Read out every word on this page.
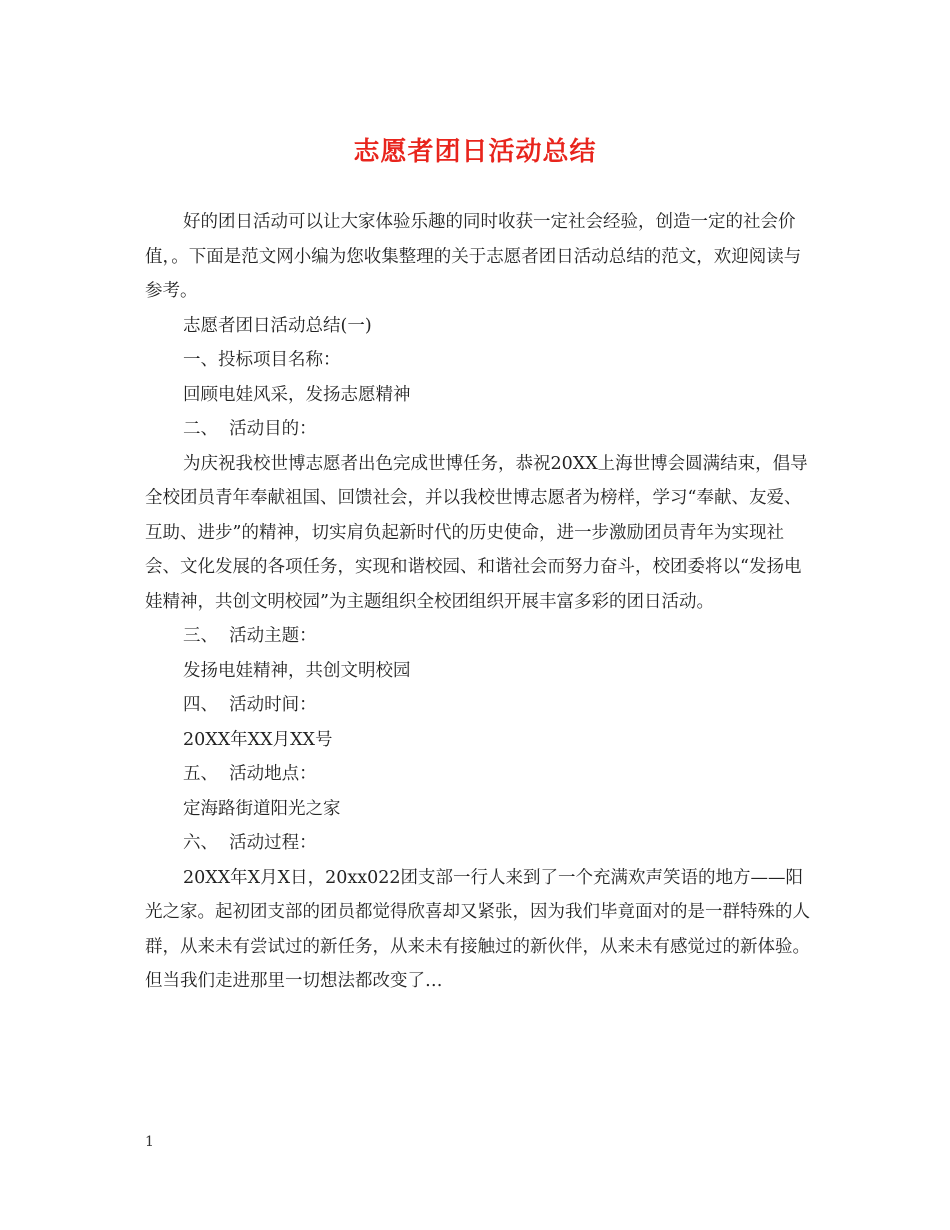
志愿者团日活动总结

好的团日活动可以让大家体验乐趣的同时收获一定社会经验，创造一定的社会价值，。下面是范文网小编为您收集整理的关于志愿者团日活动总结的范文，欢迎阅读与参考。

志愿者团日活动总结(一)

一、投标项目名称：

回顾电娃风采，发扬志愿精神

二、  活动目的：

为庆祝我校世博志愿者出色完成世博任务，恭祝20XX上海世博会圆满结束，倡导全校团员青年奉献祖国、回馈社会，并以我校世博志愿者为榜样，学习“奉献、友爱、互助、进步”的精神，切实肩负起新时代的历史使命，进一步激励团员青年为实现社会、文化发展的各项任务，实现和谐校园、和谐社会而努力奋斗，校团委将以“发扬电娃精神，共创文明校园”为主题组织全校团组织开展丰富多彩的团日活动。

三、  活动主题：

发扬电娃精神，共创文明校园

四、  活动时间：

20XX年XX月XX号

五、  活动地点：

定海路街道阳光之家

六、  活动过程：

20XX年X月X日，20xx022团支部一行人来到了一个充满欢声笑语的地方——阳光之家。起初团支部的团员都觉得欣喜却又紧张，因为我们毕竟面对的是一群特殊的人群，从来未有尝试过的新任务，从来未有接触过的新伙伴，从来未有感觉过的新体验。但当我们走进那里一切想法都改变了…

1
